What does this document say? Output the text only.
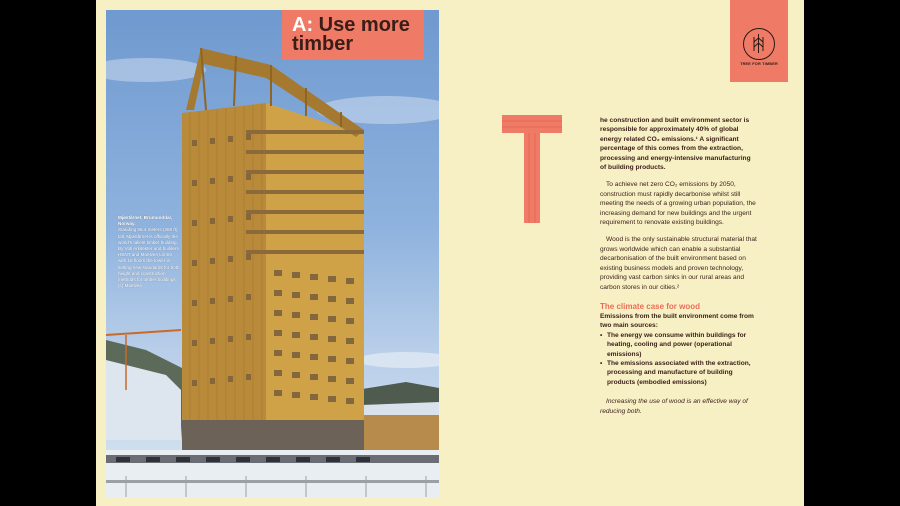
Mjøstårnet, Brumunddal, Norway.
Standing 85.4 meters (280 ft) tall, Mjøstårnet is officially the world's tallest timber building. By Voll Arkitekter and builders HENT and Moelven Limtre, with 18 floors the tower is setting new standards for both height and construction methods for timber buildings. (c) Moelven
A: Use more
timber
TREE FOR TIMBER

he construction and built environment sector is responsible for approximately 40% of global energy related CO₂ emissions.¹ A significant percentage of this comes from the extraction, processing and energy-intensive manufacturing of building products.

To achieve net zero CO₂ emissions by 2050, construction must rapidly decarbonise whilst still meeting the needs of a growing urban population, the increasing demand for new buildings and the urgent requirement to renovate existing buildings.

Wood is the only sustainable structural material that grows worldwide which can enable a substantial decarbonisation of the built environment based on existing business models and proven technology, providing vast carbon sinks in our rural areas and carbon stores in our cities.²

The climate case for wood

Emissions from the built environment come from two main sources:

• The energy we consume within buildings for heating, cooling and power (operational emissions)
• The emissions associated with the extraction, processing and manufacture of building products (embodied emissions)

Increasing the use of wood is an effective way of reducing both.
